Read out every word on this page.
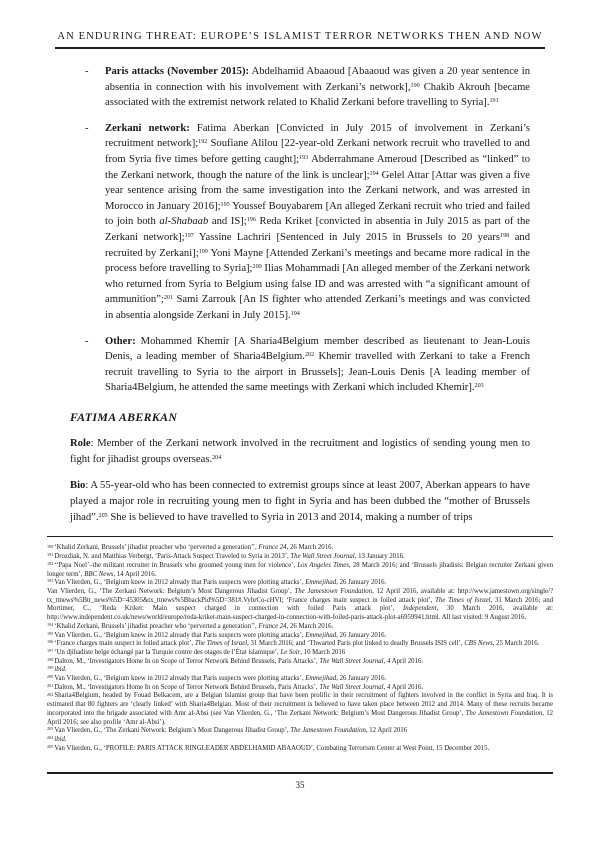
AN ENDURING THREAT: EUROPE’S ISLAMIST TERROR NETWORKS THEN AND NOW
-	Paris attacks (November 2015): Abdelhamid Abaaoud [Abaaoud was given a 20 year sentence in absentia in connection with his involvement with Zerkani’s network],$^{190}$ Chakib Akrouh [became associated with the extremist network related to Khalid Zerkani before travelling to Syria].$^{191}$
-	Zerkani network: Fatima Aberkan [Convicted in July 2015 of involvement in Zerkani’s recruitment network];$^{192}$ Soufiane Alilou [22-year-old Zerkani network recruit who travelled to and from Syria five times before getting caught];$^{193}$ Abderrahmane Ameroud [Described as “linked” to the Zerkani network, though the nature of the link is unclear];$^{194}$ Gelel Attar [Attar was given a five year sentence arising from the same investigation into the Zerkani network, and was arrested in Morocco in January 2016];$^{195}$ Youssef Bouyabarem [An alleged Zerkani recruit who tried and failed to join both al-Shabaab and IS];$^{196}$ Reda Kriket [convicted in absentia in July 2015 as part of the Zerkani network];$^{197}$ Yassine Lachriri [Sentenced in July 2015 in Brussels to 20 years$^{198}$ and recruited by Zerkani];$^{199}$ Yoni Mayne [Attended Zerkani’s meetings and became more radical in the process before travelling to Syria];$^{200}$ Ilias Mohammadi [An alleged member of the Zerkani network who returned from Syria to Belgium using false ID and was arrested with “a significant amount of ammunition”;$^{201}$ Sami Zarrouk [An IS fighter who attended Zerkani’s meetings and was convicted in absentia alongside Zerkani in July 2015].$^{194}$
-	Other: Mohammed Khemir [A Sharia4Belgium member described as lieutenant to Jean-Louis Denis, a leading member of Sharia4Belgium.$^{202}$ Khemir travelled with Zerkani to take a French recruit travelling to Syria to the airport in Brussels]; Jean-Louis Denis [A leading member of Sharia4Belgium, he attended the same meetings with Zerkani which included Khemir].$^{203}$
FATIMA ABERKAN

Role: Member of the Zerkani network involved in the recruitment and logistics of sending young men to fight for jihadist groups overseas.$^{204}$

Bio: A 55-year-old who has been connected to extremist groups since at least 2007, Aberkan appears to have played a major role in recruiting young men to fight in Syria and has been dubbed the “mother of Brussels jihad”.$^{205}$ She is believed to have travelled to Syria in 2013 and 2014, making a number of trips

$^{190}$‘Khalid Zerkani, Brussels’ jihadist preacher who ‘perverted a generation’’, France 24, 26 March 2016.
$^{191}$Drozdiak, N. and Matthias Verbergt, ‘Paris-Attack Suspect Traveled to Syria in 2013’, The Wall Street Journal, 13 January 2016.
$^{192}$‘‘Papa Noel’–the militant recruiter in Brussels who groomed young men for violence’, Los Angeles Times, 28 March 2016; and ‘Brussels jihadists: Belgian recruiter Zerkani given longer term’, BBC News, 14 April 2016.
$^{193}$Van Vlierden, G., ‘Belgium knew in 2012 already that Paris suspects were plotting attacks’, Emmejihad, 26 January 2016.
Van Vlierden, G., ‘The Zerkani Network: Belgium’s Most Dangerous Jihadist Group’, The Jamestown Foundation, 12 April 2016, available at: http://www.jamestown.org/single/?tx_ttnews%5Btt_news%5D=45305&tx_ttnews%5BbackPid%5D=381#.VyhrCo-cHVI; ‘France charges main suspect in foiled attack plot’, The Times of Israel, 31 March 2016; and Mortimer, C., ‘Reda Kriket: Main suspect charged in connection with foiled Paris attack plot’, Independent, 30 March 2016, available at: http://www.independent.co.uk/news/world/europe/reda-kriket-main-suspect-charged-in-connection-with-foiled-paris-attack-plot-a6959941.html. All last visited: 9 August 2016.
$^{194}$‘Khalid Zerkani, Brussels’ jihadist preacher who ‘perverted a generation’’, France 24, 26 March 2016.
$^{195}$Van Vlierden, G., ‘Belgium knew in 2012 already that Paris suspects were plotting attacks’, Emmejihad, 26 January 2016.
$^{196}$‘France charges main suspect in foiled attack plot’, The Times of Israel, 31 March 2016; and ‘Thwarted Paris plot linked to deadly Brussels ISIS cell’, CBS News, 25 March 2016.
$^{197}$‘Un djihadiste belge échangé par la Turquie contre des otages de l’État islamique’, Le Soir, 10 March 2016
$^{198}$Dalton, M., ‘Investigators Home In on Scope of Terror Network Behind Brussels, Paris Attacks’, The Wall Street Journal, 4 April 2016.
$^{199}$ibid.
$^{200}$Van Vlierden, G., ‘Belgium knew in 2012 already that Paris suspects were plotting attacks’, Emmejihad, 26 January 2016.
$^{201}$Dalton, M., ‘Investigators Home In on Scope of Terror Network Behind Brussels, Paris Attacks’, The Wall Street Journal, 4 April 2016.
$^{202}$Sharia4Belgium, headed by Fouad Belkacem, are a Belgian Islamist group that have been prolific in their recruitment of fighters involved in the conflict in Syria and Iraq. It is estimated that 80 fighters are ‘clearly linked’ with Sharia4Belgian. Most of their recruitment is believed to have taken place between 2012 and 2014. Many of these recruits became incorporated into the brigade associated with Amr al-Absi (see Van Vlierden, G., ‘The Zerkani Network: Belgium’s Most Dangerous Jihadist Group’, The Jamestown Foundation, 12 April 2016; see also profile ‘Amr al-Absi’).
$^{203}$Van Vlierden, G., ‘The Zerkani Network: Belgium’s Most Dangerous Jihadist Group’, The Jamestown Foundation, 12 April 2016
$^{204}$ibid.
$^{205}$Van Vlierden, G., ‘PROFILE: PARIS ATTACK RINGLEADER ABDELHAMID ABAAOUD’, Combating Terrorism Center at West Point, 15 December 2015.
35
